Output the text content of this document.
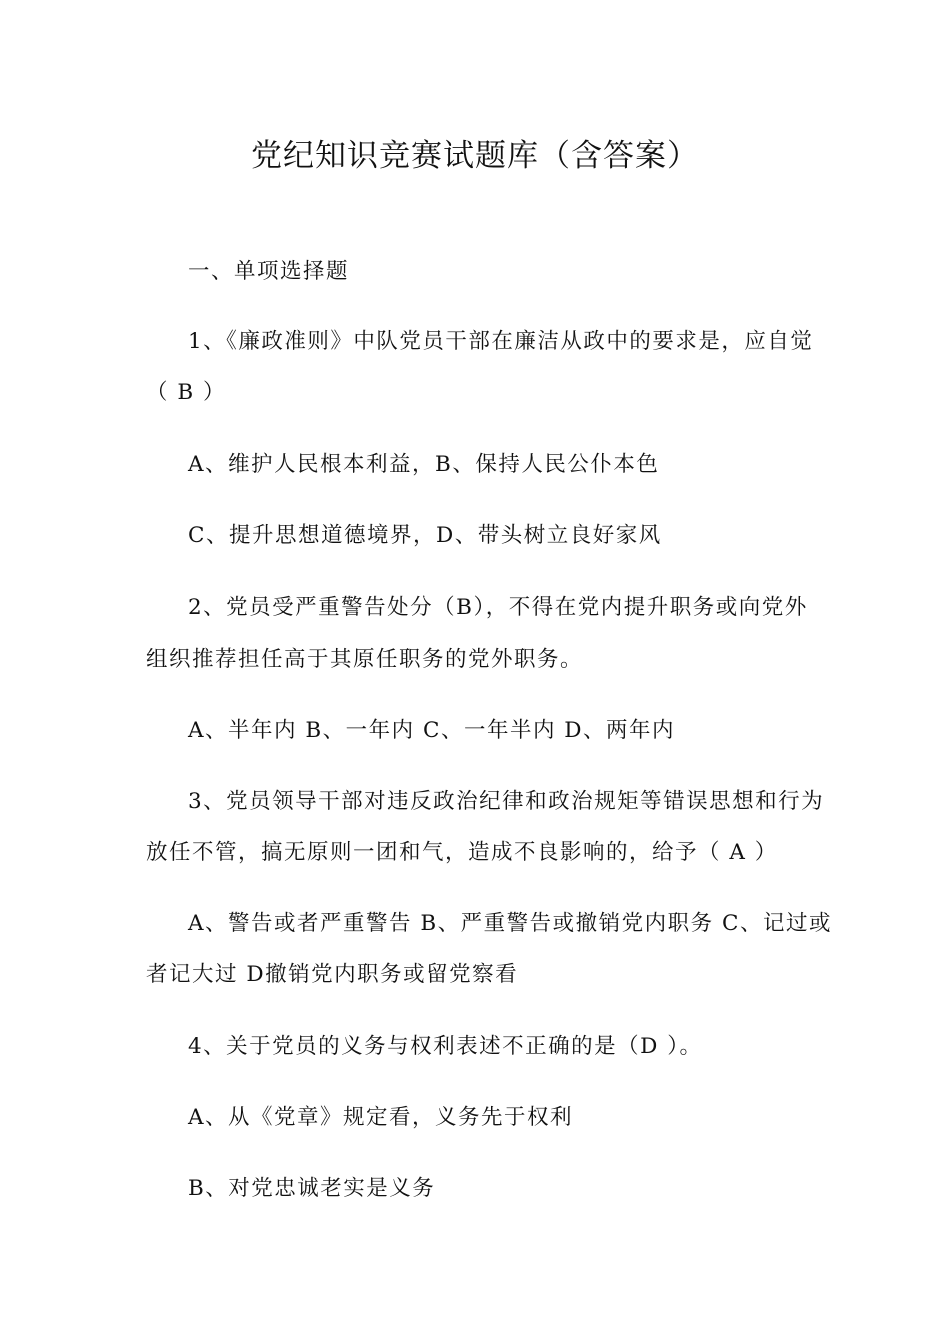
党纪知识竞赛试题库（含答案）
一、单项选择题
1、《廉政准则》中队党员干部在廉洁从政中的要求是，应自觉
（ B ）
A、维护人民根本利益，B、保持人民公仆本色
C、提升思想道德境界，D、带头树立良好家风
2、党员受严重警告处分（B），不得在党内提升职务或向党外
组织推荐担任高于其原任职务的党外职务。
A、半年内 B、一年内 C、一年半内 D、两年内
3、党员领导干部对违反政治纪律和政治规矩等错误思想和行为
放任不管，搞无原则一团和气，造成不良影响的，给予（ A ）
A、警告或者严重警告 B、严重警告或撤销党内职务 C、记过或
者记大过 D撤销党内职务或留党察看
4、关于党员的义务与权利表述不正确的是（D ）。
A、从《党章》规定看，义务先于权利
B、对党忠诚老实是义务
